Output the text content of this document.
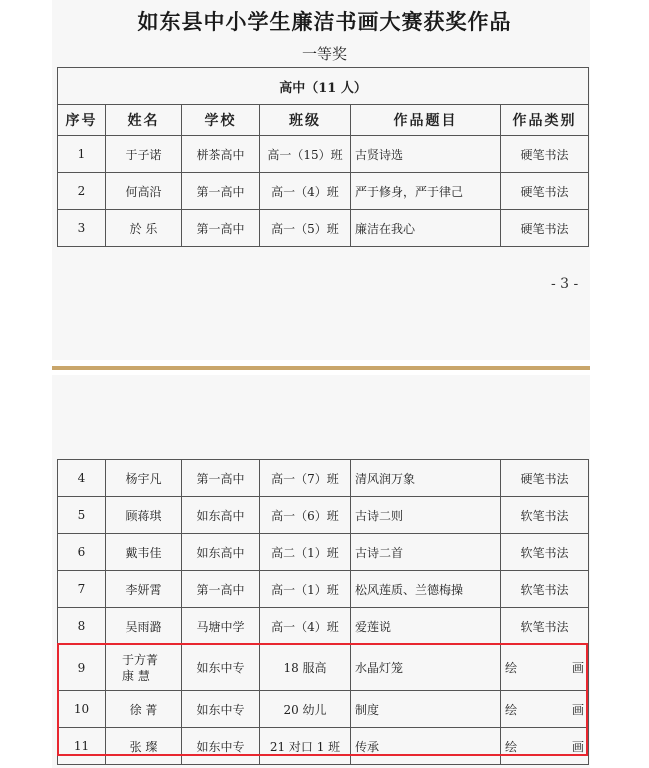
如东县中小学生廉洁书画大赛获奖作品
一等奖
高中（11 人）					
序号	姓名	学校	班级	作品题目	作品类别
1	于子诺	栟茶高中	高一（15）班	古贤诗选	硬笔书法
2	何高沿	第一高中	高一（4）班	严于修身，严于律己	硬笔书法
3	於 乐	第一高中	高一（5）班	廉洁在我心	硬笔书法
- 3 -
4	杨宇凡	第一高中	高一（7）班	清风润万象	硬笔书法
5	顾蒋琪	如东高中	高一（6）班	古诗二则	软笔书法
6	戴韦佳	如东高中	高二（1）班	古诗二首	软笔书法
7	李妍霄	第一高中	高一（1）班	松风莲质、兰德梅操	软笔书法
8	吴雨潞	马塘中学	高一（4）班	爱莲说	软笔书法
9	于方菁
康 慧	如东中专	18 服高	水晶灯笼	绘 画
10	徐 菁	如东中专	20 幼儿	制度	绘 画
11	张 璨	如东中专	21 对口 1 班	传承	绘 画
